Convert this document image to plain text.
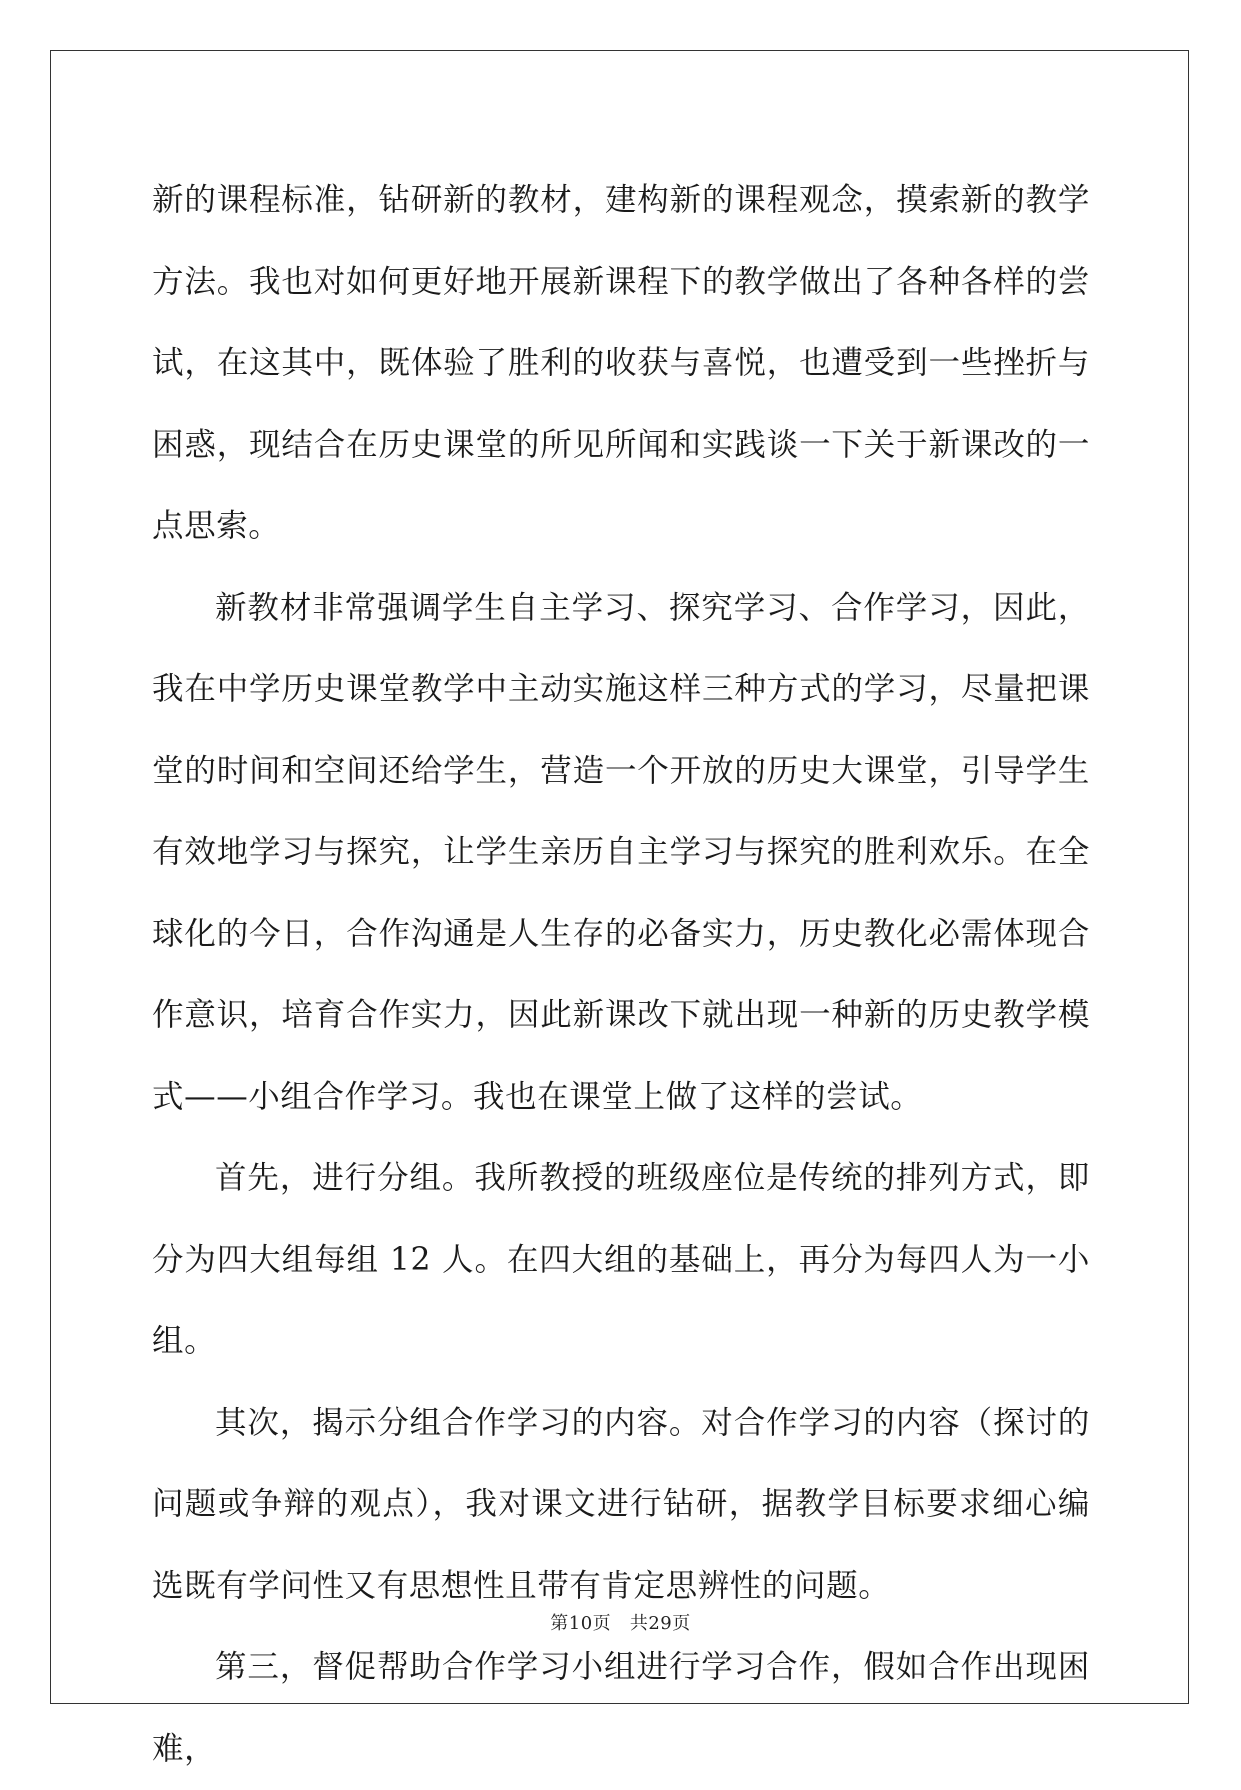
新的课程标准，钻研新的教材，建构新的课程观念，摸索新的教学方法。我也对如何更好地开展新课程下的教学做出了各种各样的尝试，在这其中，既体验了胜利的收获与喜悦，也遭受到一些挫折与困惑，现结合在历史课堂的所见所闻和实践谈一下关于新课改的一点思索。

新教材非常强调学生自主学习、探究学习、合作学习，因此，我在中学历史课堂教学中主动实施这样三种方式的学习，尽量把课堂的时间和空间还给学生，营造一个开放的历史大课堂，引导学生有效地学习与探究，让学生亲历自主学习与探究的胜利欢乐。在全球化的今日，合作沟通是人生存的必备实力，历史教化必需体现合作意识，培育合作实力，因此新课改下就出现一种新的历史教学模式——小组合作学习。我也在课堂上做了这样的尝试。

首先，进行分组。我所教授的班级座位是传统的排列方式，即分为四大组每组 12 人。在四大组的基础上，再分为每四人为一小组。

其次，揭示分组合作学习的内容。对合作学习的内容（探讨的问题或争辩的观点），我对课文进行钻研，据教学目标要求细心编选既有学问性又有思想性且带有肯定思辨性的问题。

第三，督促帮助合作学习小组进行学习合作，假如合作出现困难，

第10页 共29页
